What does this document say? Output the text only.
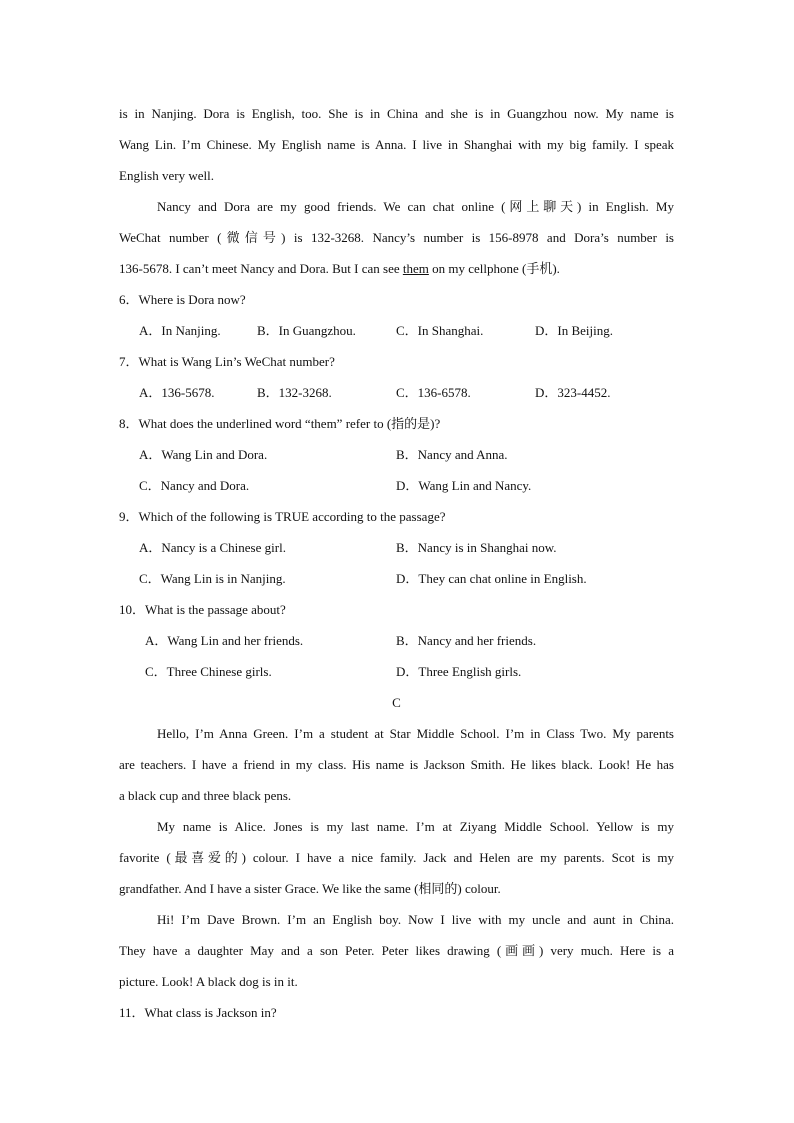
is in Nanjing. Dora is English, too. She is in China and she is in Guangzhou now. My name is
Wang Lin. I’m Chinese. My English name is Anna. I live in Shanghai with my big family. I speak
English very well.
Nancy and Dora are my good friends. We can chat online (网上聊天) in English. My
WeChat number (微信号) is 132-3268. Nancy’s number is 156-8978 and Dora’s number is
136-5678. I can’t meet Nancy and Dora. But I can see them on my cellphone (手机).
6．Where is Dora now?
A．In Nanjing.	B．In Guangzhou.	C．In Shanghai.	D．In Beijing.
7．What is Wang Lin’s WeChat number?
A．136-5678.	B．132-3268.	C．136-6578.	D．323-4452.
8．What does the underlined word “them” refer to (指的是)?
A．Wang Lin and Dora.	B．Nancy and Anna.
C．Nancy and Dora.	D．Wang Lin and Nancy.
9．Which of the following is TRUE according to the passage?
A．Nancy is a Chinese girl.	B．Nancy is in Shanghai now.
C．Wang Lin is in Nanjing.	D．They can chat online in English.
10．What is the passage about?
A．Wang Lin and her friends.	B．Nancy and her friends.
C．Three Chinese girls.	D．Three English girls.
C
Hello, I’m Anna Green. I’m a student at Star Middle School. I’m in Class Two. My parents
are teachers. I have a friend in my class. His name is Jackson Smith. He likes black. Look! He has
a black cup and three black pens.
My name is Alice. Jones is my last name. I’m at Ziyang Middle School. Yellow is my
favorite (最喜爱的) colour. I have a nice family. Jack and Helen are my parents. Scot is my
grandfather. And I have a sister Grace. We like the same (相同的) colour.
Hi! I’m Dave Brown. I’m an English boy. Now I live with my uncle and aunt in China.
They have a daughter May and a son Peter. Peter likes drawing (画画) very much. Here is a
picture. Look! A black dog is in it.
11．What class is Jackson in?
